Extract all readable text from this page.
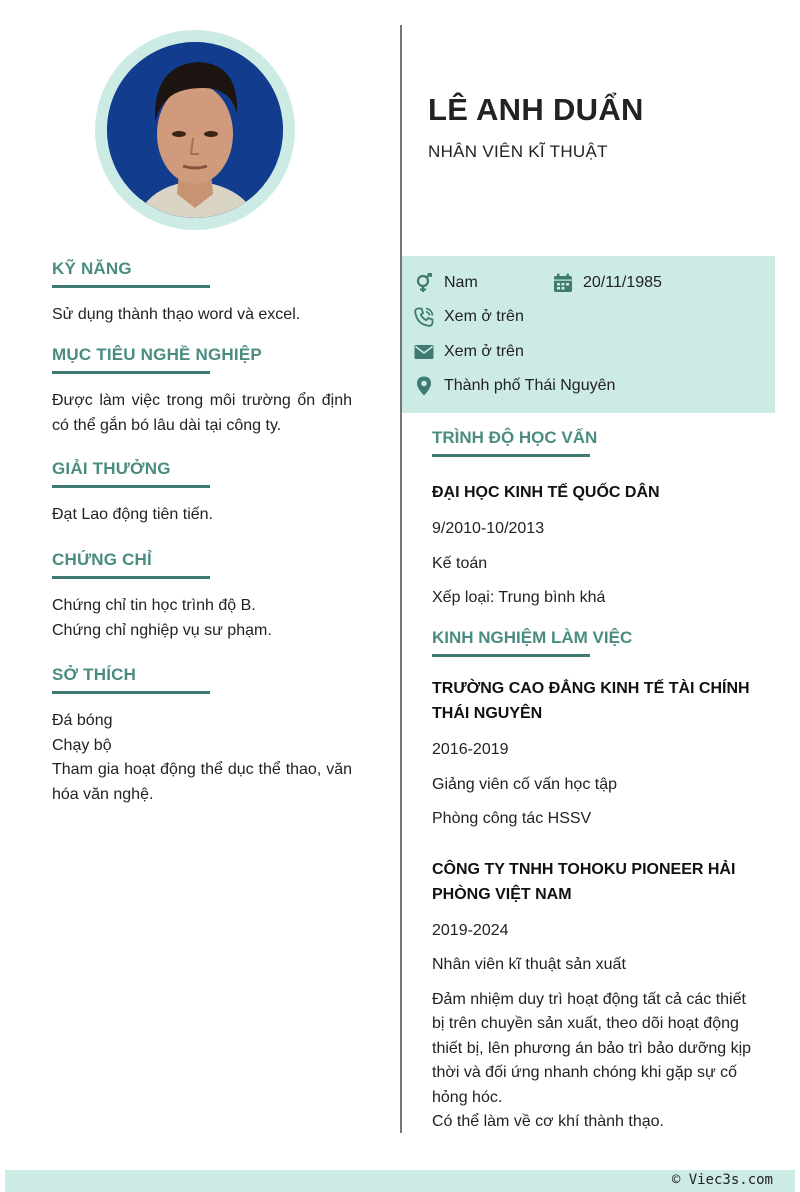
LÊ ANH DUẨN
NHÂN VIÊN KĨ THUẬT
KỸ NĂNG
Sử dụng thành thạo word và excel.
MỤC TIÊU NGHỀ NGHIỆP
Được làm việc trong môi trường ổn định có thể gắn bó lâu dài tại công ty.
GIẢI THƯỞNG
Đạt Lao động tiên tiến.
CHỨNG CHỈ
Chứng chỉ tin học trình độ B.
Chứng chỉ nghiệp vụ sư phạm.
SỞ THÍCH
Đá bóng
Chạy bộ
Tham gia hoạt động thể dục thể thao, văn hóa văn nghệ.
Nam	20/11/1985
Xem ở trên
Xem ở trên
Thành phố Thái Nguyên
TRÌNH ĐỘ HỌC VẤN
ĐẠI HỌC KINH TẾ QUỐC DÂN
9/2010-10/2013
Kế toán
Xếp loại: Trung bình khá
KINH NGHIỆM LÀM VIỆC
TRƯỜNG CAO ĐẲNG KINH TẾ TÀI CHÍNH THÁI NGUYÊN
2016-2019
Giảng viên cố vấn học tập
Phòng công tác HSSV
CÔNG TY TNHH TOHOKU PIONEER HẢI PHÒNG VIỆT NAM
2019-2024
Nhân viên kĩ thuật sản xuất
Đảm nhiệm duy trì hoạt động tất cả các thiết bị trên chuyền sản xuất, theo dõi hoạt động thiết bị, lên phương án bảo trì bảo dưỡng kịp thời và đối ứng nhanh chóng khi gặp sự cố hỏng hóc.
Có thể làm về cơ khí thành thạo.
© Viec3s.com
